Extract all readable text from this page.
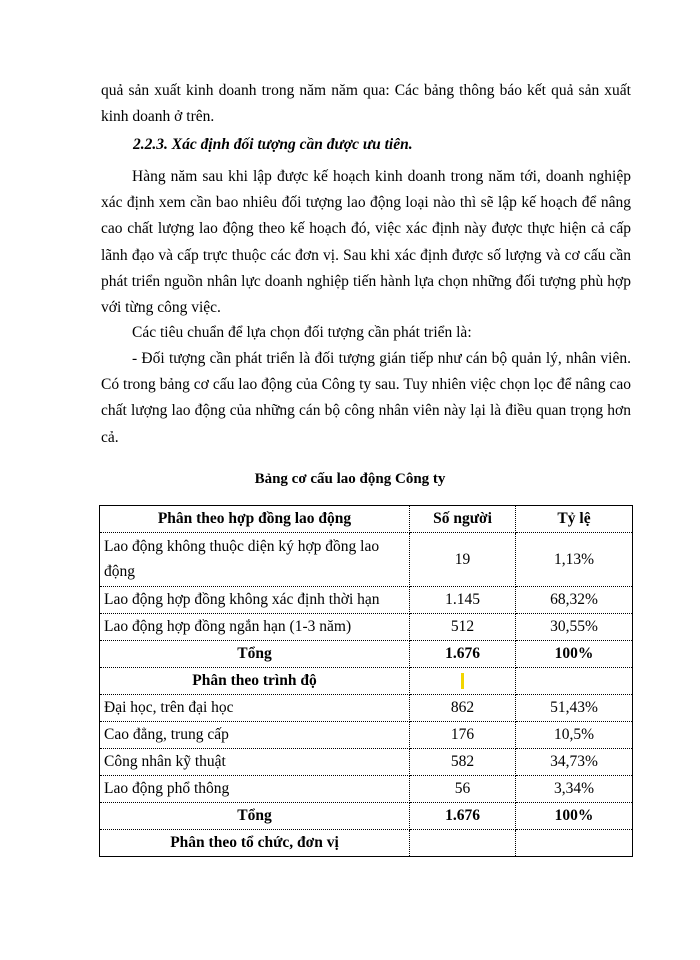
quả sản xuất kinh doanh trong năm năm qua: Các bảng thông báo kết quả sản xuất kinh doanh ở trên.

2.2.3. Xác định đối tượng cần được ưu tiên.

Hàng năm sau khi lập được kế hoạch kinh doanh trong năm tới, doanh nghiệp xác định xem cần bao nhiêu đối tượng lao động loại nào thì sẽ lập kế hoạch để nâng cao chất lượng lao động theo kế hoạch đó, việc xác định này được thực hiện cả cấp lãnh đạo và cấp trực thuộc các đơn vị. Sau khi xác định được số lượng và cơ cấu cần phát triển nguồn nhân lực doanh nghiệp tiến hành lựa chọn những đối tượng phù hợp với từng công việc.

Các tiêu chuẩn để lựa chọn đối tượng cần phát triển là:

- Đối tượng cần phát triển là đối tượng gián tiếp như cán bộ quản lý, nhân viên. Có trong bảng cơ cấu lao động của Công ty sau. Tuy nhiên việc chọn lọc để nâng cao chất lượng lao động của những cán bộ công nhân viên này lại là điều quan trọng hơn cả.

Bảng cơ cấu lao động Công ty
Phân theo hợp đồng lao động	Số người	Tỷ lệ
Lao động không thuộc diện ký hợp đồng lao động	19	1,13%
Lao động hợp đồng không xác định thời hạn	1.145	68,32%
Lao động hợp đồng ngắn hạn (1-3 năm)	512	30,55%
Tổng	1.676	100%
Phân theo trình độ		
Đại học, trên đại học	862	51,43%
Cao đẳng, trung cấp	176	10,5%
Công nhân kỹ thuật	582	34,73%
Lao động phổ thông	56	3,34%
Tổng	1.676	100%
Phân theo tổ chức, đơn vị		
